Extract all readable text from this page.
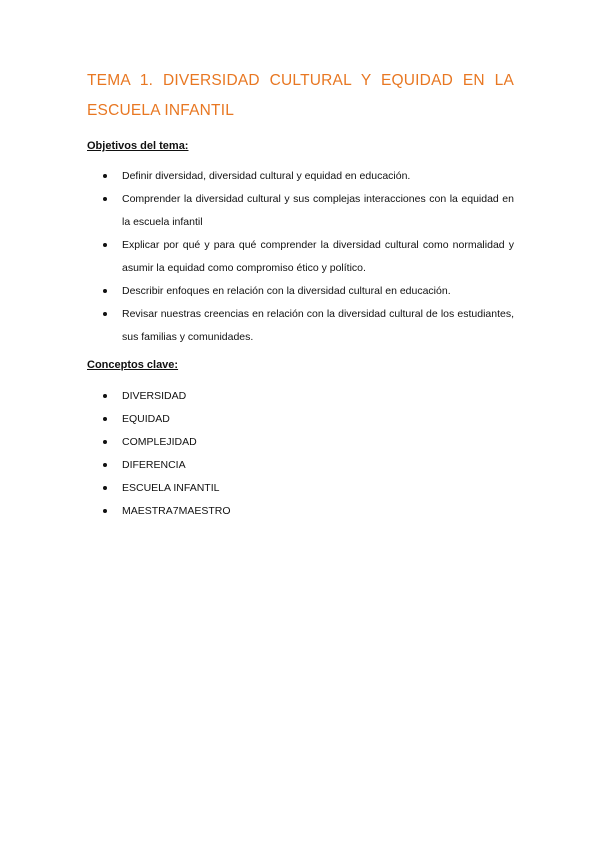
TEMA 1. DIVERSIDAD CULTURAL Y EQUIDAD EN LA ESCUELA INFANTIL
Objetivos del tema:
Definir diversidad, diversidad cultural y equidad en educación.
Comprender la diversidad cultural y sus complejas interacciones con la equidad en la escuela infantil
Explicar por qué y para qué comprender la diversidad cultural como normalidad y asumir la equidad como compromiso ético y político.
Describir enfoques en relación con la diversidad cultural en educación.
Revisar nuestras creencias en relación con la diversidad cultural de los estudiantes, sus familias y comunidades.
Conceptos clave:
DIVERSIDAD
EQUIDAD
COMPLEJIDAD
DIFERENCIA
ESCUELA INFANTIL
MAESTRA7MAESTRO
